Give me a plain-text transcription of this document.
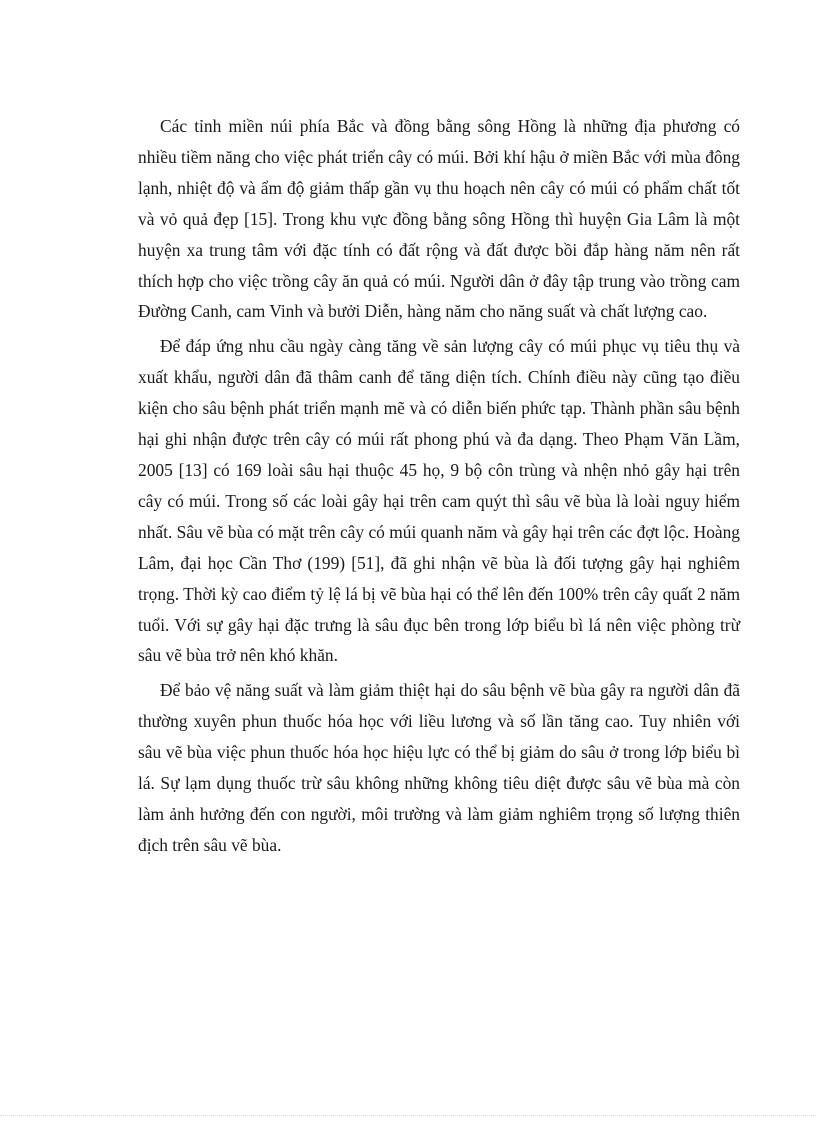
Các tỉnh miền núi phía Bắc và đồng bằng sông Hồng là những địa phương có nhiều tiềm năng cho việc phát triển cây có múi. Bởi khí hậu ở miền Bắc với mùa đông lạnh, nhiệt độ và ẩm độ giảm thấp gần vụ thu hoạch nên cây có múi có phẩm chất tốt và vỏ quả đẹp [15]. Trong khu vực đồng bằng sông Hồng thì huyện Gia Lâm là một huyện xa trung tâm với đặc tính có đất rộng và đất được bồi đắp hàng năm nên rất thích hợp cho việc trồng cây ăn quả có múi. Người dân ở đây tập trung vào trồng cam Đường Canh, cam Vinh và bưởi Diễn, hàng năm cho năng suất và chất lượng cao.

Để đáp ứng nhu cầu ngày càng tăng về sản lượng cây có múi phục vụ tiêu thụ và xuất khẩu, người dân đã thâm canh để tăng diện tích. Chính điều này cũng tạo điều kiện cho sâu bệnh phát triển mạnh mẽ và có diễn biến phức tạp. Thành phần sâu bệnh hại ghi nhận được trên cây có múi rất phong phú và đa dạng. Theo Phạm Văn Lầm, 2005 [13] có 169 loài sâu hại thuộc 45 họ, 9 bộ côn trùng và nhện nhỏ gây hại trên cây có múi. Trong số các loài gây hại trên cam quýt thì sâu vẽ bùa là loài nguy hiểm nhất. Sâu vẽ bùa có mặt trên cây có múi quanh năm và gây hại trên các đợt lộc. Hoàng Lâm, đại học Cần Thơ (199) [51], đã ghi nhận vẽ bùa là đối tượng gây hại nghiêm trọng. Thời kỳ cao điểm tỷ lệ lá bị vẽ bùa hại có thể lên đến 100% trên cây quất 2 năm tuổi. Với sự gây hại đặc trưng là sâu đục bên trong lớp biểu bì lá nên việc phòng trừ sâu vẽ bùa trở nên khó khăn.

Để bảo vệ năng suất và làm giảm thiệt hại do sâu bệnh vẽ bùa gây ra người dân đã thường xuyên phun thuốc hóa học với liều lương và số lần tăng cao. Tuy nhiên với sâu vẽ bùa việc phun thuốc hóa học hiệu lực có thể bị giảm do sâu ở trong lớp biểu bì lá. Sự lạm dụng thuốc trừ sâu không những không tiêu diệt được sâu vẽ bùa mà còn làm ảnh hưởng đến con người, môi trường và làm giảm nghiêm trọng số lượng thiên địch trên sâu vẽ bùa.
